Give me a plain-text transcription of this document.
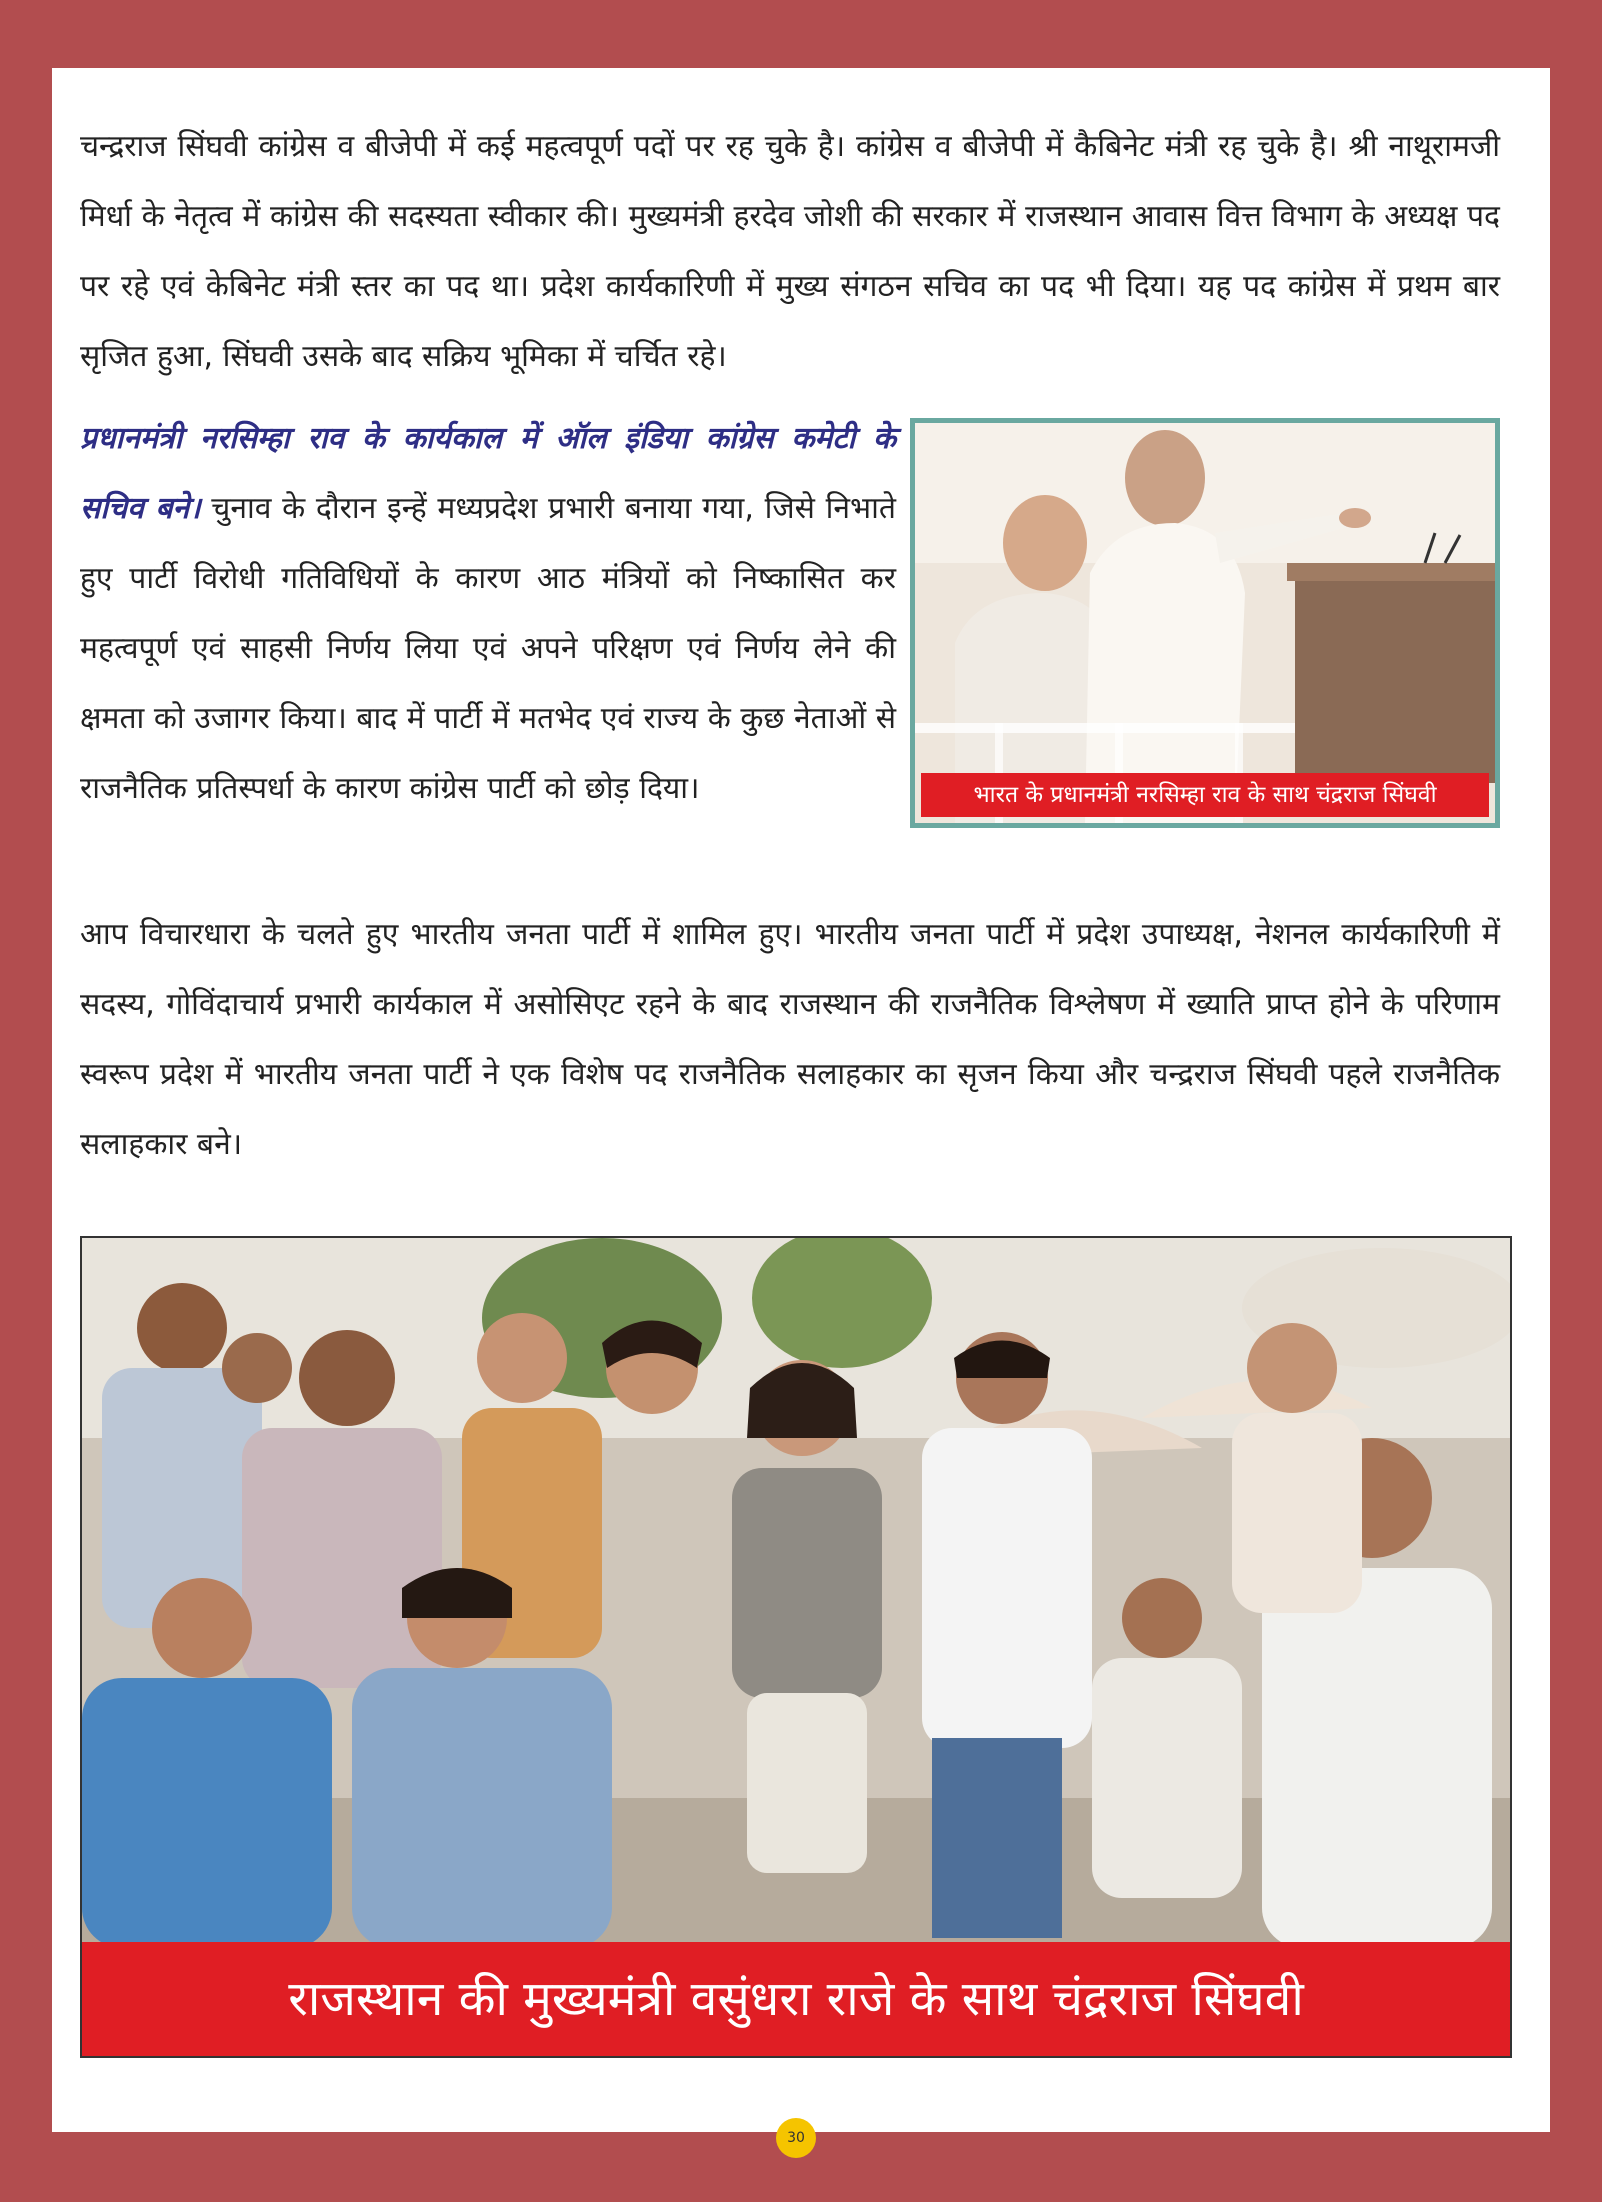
चन्द्रराज सिंघवी कांग्रेस व बीजेपी में कई महत्वपूर्ण पदों पर रह चुके है। कांग्रेस व बीजेपी में कैबिनेट मंत्री रह चुके है। श्री नाथूरामजी मिर्धा के नेतृत्व में कांग्रेस की सदस्यता स्वीकार की। मुख्यमंत्री हरदेव जोशी की सरकार में राजस्थान आवास वित्त विभाग के अध्यक्ष पद पर रहे एवं केबिनेट मंत्री स्तर का पद था। प्रदेश कार्यकारिणी में मुख्य संगठन सचिव का पद भी दिया। यह पद कांग्रेस में प्रथम बार सृजित हुआ, सिंघवी उसके बाद सक्रिय भूमिका में चर्चित रहे।

प्रधानमंत्री नरसिम्हा राव के कार्यकाल में ऑल इंडिया कांग्रेस कमेटी के सचिव बने। चुनाव के दौरान इन्हें मध्यप्रदेश प्रभारी बनाया गया, जिसे निभाते हुए पार्टी विरोधी गतिविधियों के कारण आठ मंत्रियों को निष्कासित कर महत्वपूर्ण एवं साहसी निर्णय लिया एवं अपने परिक्षण एवं निर्णय लेने की क्षमता को उजागर किया। बाद में पार्टी में मतभेद एवं राज्य के कुछ नेताओं से राजनैतिक प्रतिस्पर्धा के कारण कांग्रेस पार्टी को छोड़ दिया।	भारत के प्रधानमंत्री नरसिम्हा राव के साथ चंद्रराज सिंघवी

आप विचारधारा के चलते हुए भारतीय जनता पार्टी में शामिल हुए। भारतीय जनता पार्टी में प्रदेश उपाध्यक्ष, नेशनल कार्यकारिणी में सदस्य, गोविंदाचार्य प्रभारी कार्यकाल में असोसिएट रहने के बाद राजस्थान की राजनैतिक विश्लेषण में ख्याति प्राप्त होने के परिणाम स्वरूप प्रदेश में भारतीय जनता पार्टी ने एक विशेष पद राजनैतिक सलाहकार का सृजन किया और चन्द्रराज सिंघवी पहले राजनैतिक सलाहकार बने।

राजस्थान की मुख्यमंत्री वसुंधरा राजे के साथ चंद्रराज सिंघवी
30
